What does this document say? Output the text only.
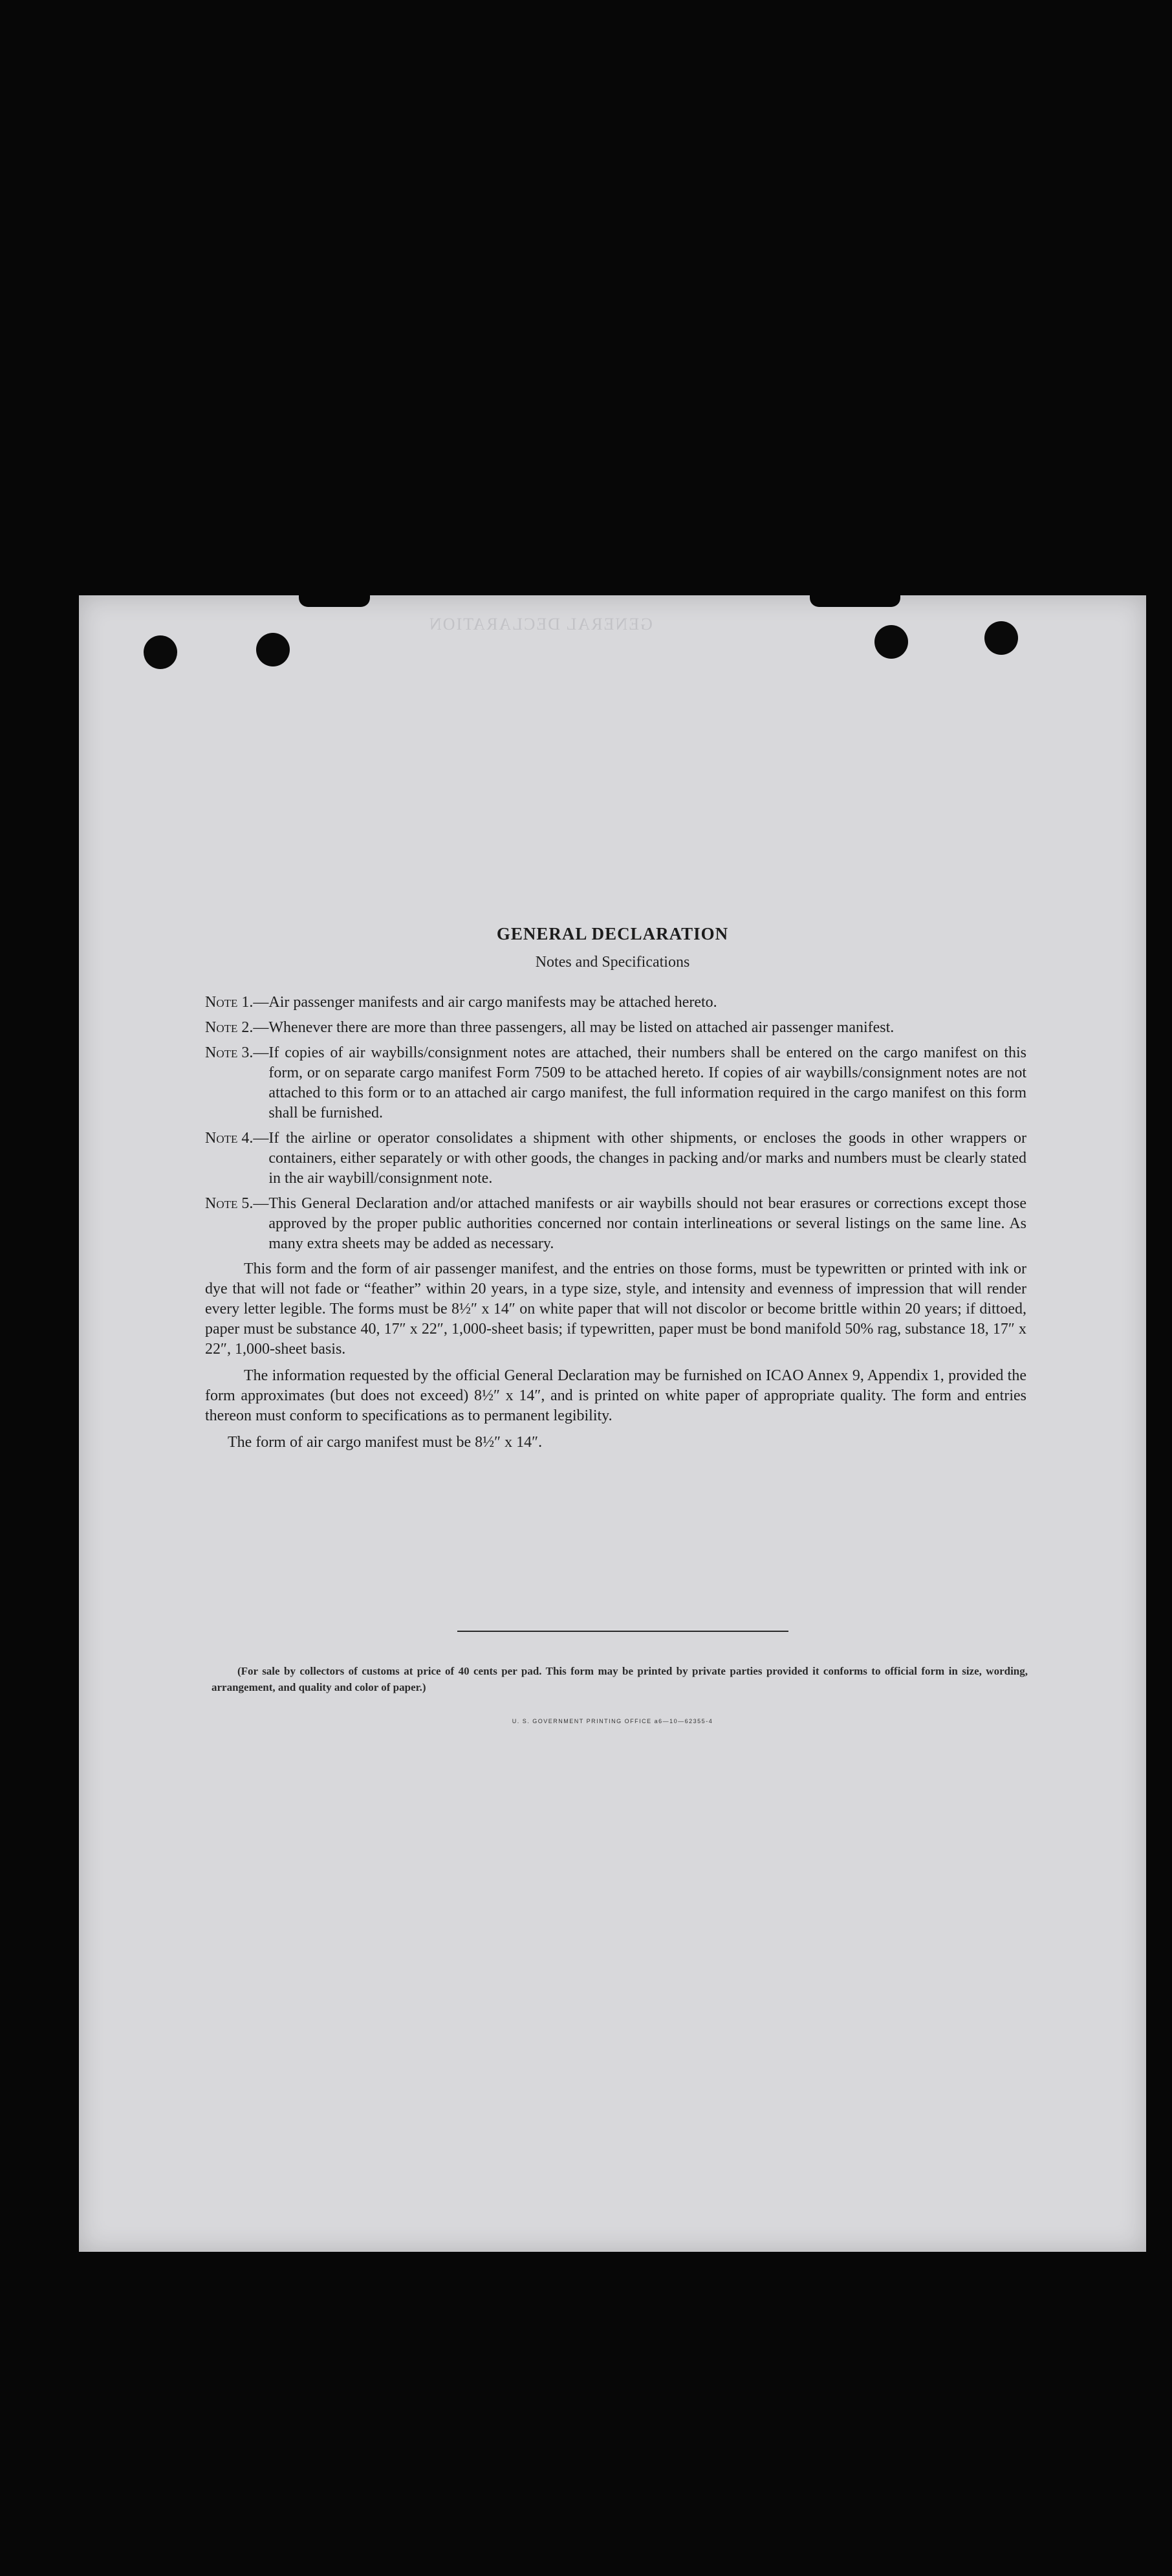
GENERAL DECLARATION
GENERAL DECLARATION
Notes and Specifications
Note 1.— Air passenger manifests and air cargo manifests may be attached hereto.
Note 2.— Whenever there are more than three passengers, all may be listed on attached air passenger manifest.
Note 3.— If copies of air waybills/consignment notes are attached, their numbers shall be entered on the cargo manifest on this form, or on separate cargo manifest Form 7509 to be attached hereto. If copies of air waybills/consignment notes are not attached to this form or to an attached air cargo manifest, the full information required in the cargo manifest on this form shall be furnished.
Note 4.— If the airline or operator consolidates a shipment with other shipments, or encloses the goods in other wrappers or containers, either separately or with other goods, the changes in packing and/or marks and numbers must be clearly stated in the air waybill/consignment note.
Note 5.— This General Declaration and/or attached manifests or air waybills should not bear erasures or corrections except those approved by the proper public authorities concerned nor contain interlineations or several listings on the same line. As many extra sheets may be added as necessary.

This form and the form of air passenger manifest, and the entries on those forms, must be typewritten or printed with ink or dye that will not fade or “feather” within 20 years, in a type size, style, and intensity and evenness of impression that will render every letter legible. The forms must be 8½″ x 14″ on white paper that will not discolor or become brittle within 20 years; if dittoed, paper must be substance 40, 17″ x 22″, 1,000-sheet basis; if typewritten, paper must be bond manifold 50% rag, substance 18, 17″ x 22″, 1,000-sheet basis.

The information requested by the official General Declaration may be furnished on ICAO Annex 9, Appendix 1, provided the form approximates (but does not exceed) 8½″ x 14″, and is printed on white paper of appropriate quality. The form and entries thereon must conform to specifications as to permanent legibility.

The form of air cargo manifest must be 8½″ x 14″.

(For sale by collectors of customs at price of 40 cents per pad. This form may be printed by private parties provided it conforms to official form in size, wording, arrangement, and quality and color of paper.)
U. S. GOVERNMENT PRINTING OFFICE a6—10—62355-4
